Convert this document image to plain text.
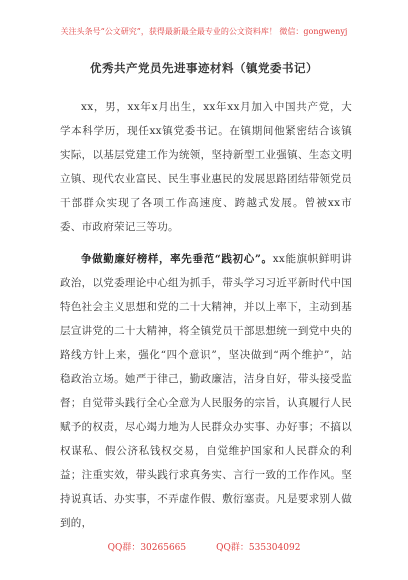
关注头条号“公文研究”，获得最新最全最专业的公文资料库！ 微信：gongwenyj
优秀共产党员先进事迹材料（镇党委书记）

xx，男，xx年x月出生，xx年xx月加入中国共产党，大学本科学历，现任xx镇党委书记。在镇期间他紧密结合该镇实际，以基层党建工作为统领，坚持新型工业强镇、生态文明立镇、现代农业富民、民生事业惠民的发展思路团结带领党员干部群众实现了各项工作高速度、跨越式发展。曾被xx市委、市政府荣记三等功。

争做勤廉好榜样，率先垂范“践初心”。xx能旗帜鲜明讲政治，以党委理论中心组为抓手，带头学习习近平新时代中国特色社会主义思想和党的二十大精神，并以上率下，主动到基层宣讲党的二十大精神，将全镇党员干部思想统一到党中央的路线方针上来，强化“四个意识”，坚决做到“两个维护”，站稳政治立场。她严于律己，勤政廉洁，洁身自好，带头接受监督；自觉带头践行全心全意为人民服务的宗旨，认真履行人民赋予的权责，尽心竭力地为人民群众办实事、办好事；不搞以权谋私、假公济私钱权交易，自觉维护国家和人民群众的利益；注重实效，带头践行求真务实、言行一致的工作作风。坚持说真话、办实事，不弄虚作假、敷衍塞责。凡是要求别人做到的，

QQ群：30265665	QQ群：535304092
